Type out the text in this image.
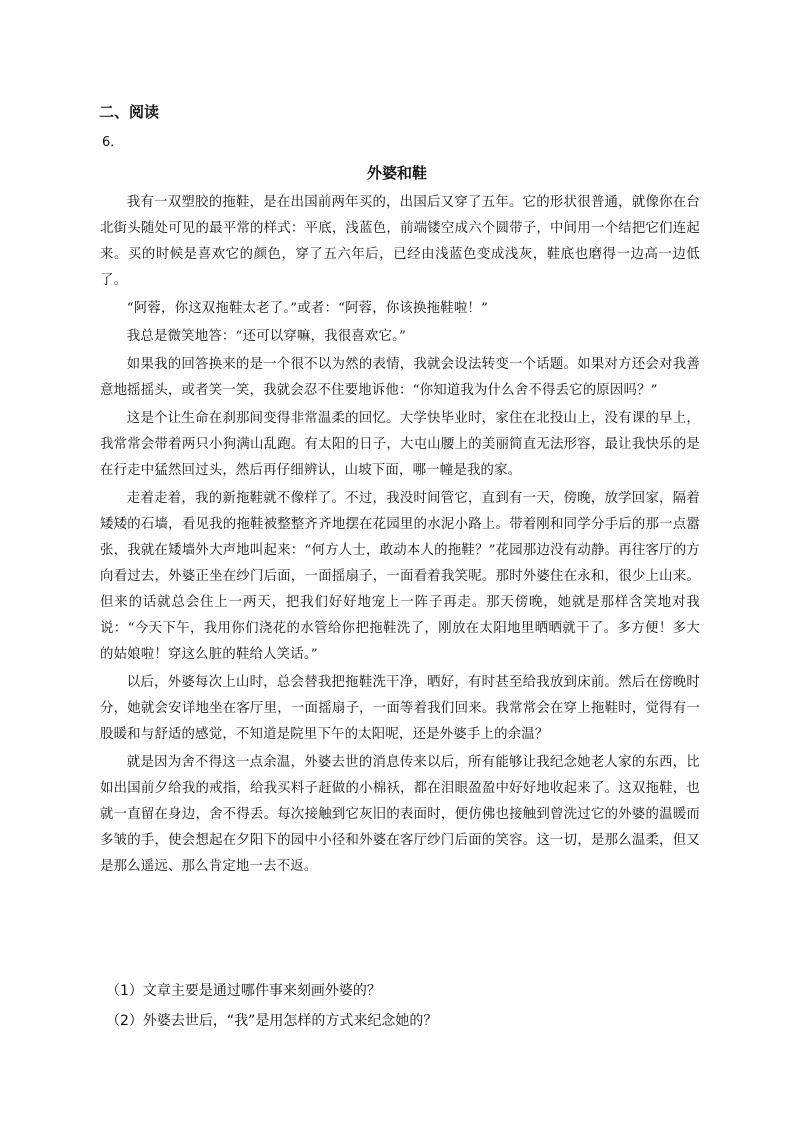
二、阅读
6．
外婆和鞋

我有一双塑胶的拖鞋，是在出国前两年买的，出国后又穿了五年。它的形状很普通，就像你在台北街头随处可见的最平常的样式：平底，浅蓝色，前端镂空成六个圆带子，中间用一个结把它们连起来。买的时候是喜欢它的颜色，穿了五六年后，已经由浅蓝色变成浅灰，鞋底也磨得一边高一边低了。

“阿蓉，你这双拖鞋太老了。”或者：“阿蓉，你该换拖鞋啦！”

我总是微笑地答：“还可以穿嘛，我很喜欢它。”

如果我的回答换来的是一个很不以为然的表情，我就会设法转变一个话题。如果对方还会对我善意地摇摇头，或者笑一笑，我就会忍不住要地诉他：“你知道我为什么舍不得丢它的原因吗？”

这是个让生命在刹那间变得非常温柔的回忆。大学快毕业时，家住在北投山上，没有课的早上，我常常会带着两只小狗满山乱跑。有太阳的日子，大屯山腰上的美丽简直无法形容，最让我快乐的是在行走中猛然回过头，然后再仔细辨认，山坡下面，哪一幢是我的家。

走着走着，我的新拖鞋就不像样了。不过，我没时间管它，直到有一天，傍晚，放学回家，隔着矮矮的石墙，看见我的拖鞋被整整齐齐地摆在花园里的水泥小路上。带着刚和同学分手后的那一点嚣张，我就在矮墙外大声地叫起来：“何方人士，敢动本人的拖鞋？”花园那边没有动静。再往客厅的方向看过去，外婆正坐在纱门后面，一面摇扇子，一面看着我笑呢。那时外婆住在永和，很少上山来。但来的话就总会住上一两天，把我们好好地宠上一阵子再走。那天傍晚，她就是那样含笑地对我说：“今天下午，我用你们浇花的水管给你把拖鞋洗了，刚放在太阳地里晒晒就干了。多方便！多大的姑娘啦！穿这么脏的鞋给人笑话。”

以后，外婆每次上山时，总会替我把拖鞋洗干净，晒好，有时甚至给我放到床前。然后在傍晚时分，她就会安详地坐在客厅里，一面摇扇子，一面等着我们回来。我常常会在穿上拖鞋时，觉得有一股暖和与舒适的感觉，不知道是院里下午的太阳呢，还是外婆手上的余温？

就是因为舍不得这一点余温，外婆去世的消息传来以后，所有能够让我纪念她老人家的东西，比如出国前夕给我的戒指，给我买料子赶做的小棉袄，都在泪眼盈盈中好好地收起来了。这双拖鞋，也就一直留在身边，舍不得丢。每次接触到它灰旧的表面时，便仿佛也接触到曾洗过它的外婆的温暖而多皱的手，使会想起在夕阳下的园中小径和外婆在客厅纱门后面的笑容。这一切，是那么温柔，但又是那么遥远、那么肯定地一去不返。

（1）文章主要是通过哪件事来刻画外婆的？

（2）外婆去世后，“我”是用怎样的方式来纪念她的？
